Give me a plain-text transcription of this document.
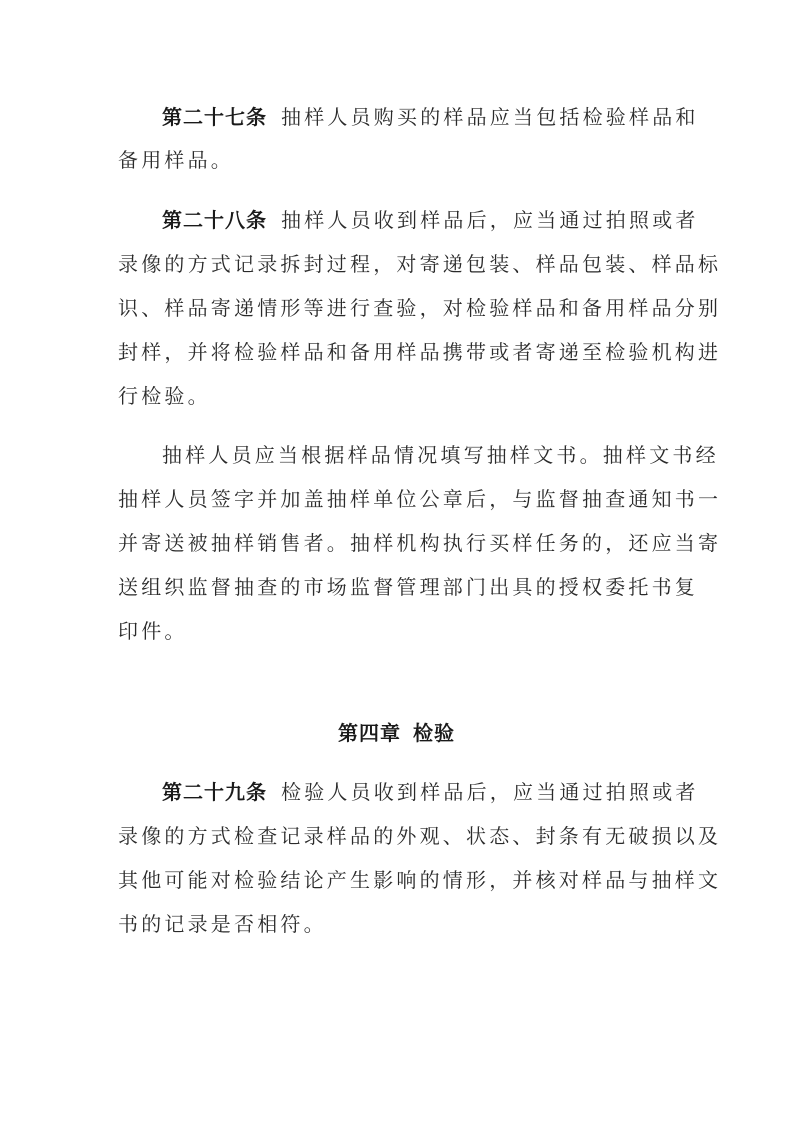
第二十七条 抽样人员购买的样品应当包括检验样品和
备用样品。
第二十八条 抽样人员收到样品后，应当通过拍照或者
录像的方式记录拆封过程，对寄递包装、样品包装、样品标
识、样品寄递情形等进行查验，对检验样品和备用样品分别
封样，并将检验样品和备用样品携带或者寄递至检验机构进
行检验。
抽样人员应当根据样品情况填写抽样文书。抽样文书经
抽样人员签字并加盖抽样单位公章后，与监督抽查通知书一
并寄送被抽样销售者。抽样机构执行买样任务的，还应当寄
送组织监督抽查的市场监督管理部门出具的授权委托书复
印件。
第四章 检验
第二十九条 检验人员收到样品后，应当通过拍照或者
录像的方式检查记录样品的外观、状态、封条有无破损以及
其他可能对检验结论产生影响的情形，并核对样品与抽样文
书的记录是否相符。
